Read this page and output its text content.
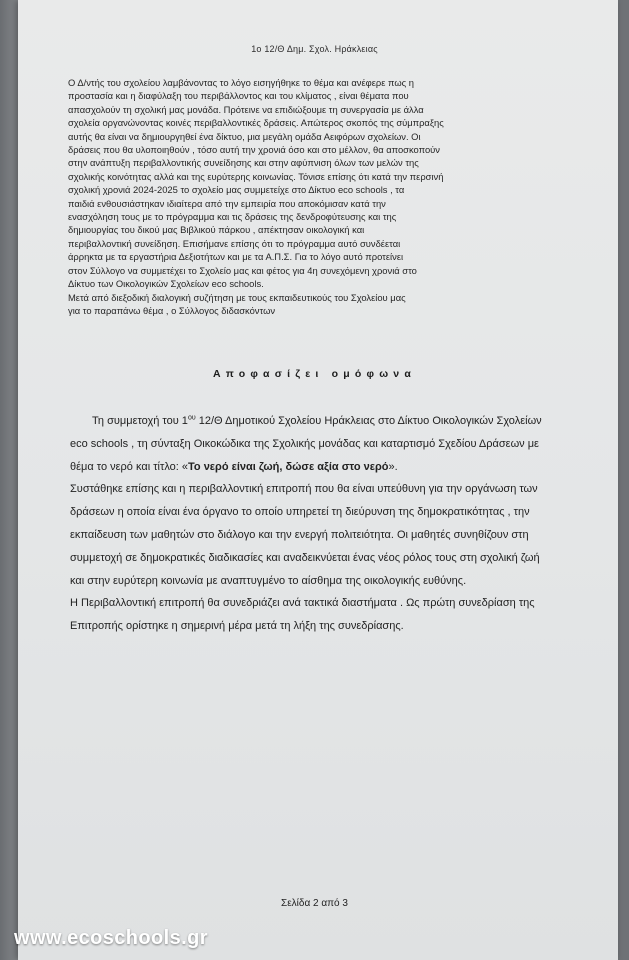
1ο 12/Θ Δημ. Σχολ. Ηράκλειας

Ο Δ/ντής του σχολείου λαμβάνοντας το λόγο εισηγήθηκε το θέμα και ανέφερε πως η

προστασία και η διαφύλαξη του περιβάλλοντος και του κλίματος , είναι θέματα που

απασχολούν τη σχολική μας μονάδα. Πρότεινε να επιδιώξουμε τη συνεργασία με άλλα

σχολεία οργανώνοντας κοινές περιβαλλοντικές δράσεις. Απώτερος σκοπός της σύμπραξης

αυτής θα είναι να δημιουργηθεί ένα δίκτυο, μια μεγάλη ομάδα Αειφόρων σχολείων. Οι

δράσεις που θα υλοποιηθούν , τόσο αυτή την χρονιά όσο και στο μέλλον, θα αποσκοπούν

στην ανάπτυξη περιβαλλοντικής συνείδησης και στην αφύπνιση όλων των μελών της

σχολικής κοινότητας αλλά και της ευρύτερης κοινωνίας. Τόνισε επίσης ότι κατά την περσινή

σχολική χρονιά 2024-2025 το σχολείο μας συμμετείχε στο Δίκτυο eco schools , τα

παιδιά ενθουσιάστηκαν ιδιαίτερα από την εμπειρία που αποκόμισαν κατά την

ενασχόληση τους με το πρόγραμμα και τις δράσεις της δενδροφύτευσης και της

δημιουργίας του δικού μας Βιβλικού πάρκου , απέκτησαν οικολογική και

περιβαλλοντική συνείδηση. Επισήμανε επίσης ότι το πρόγραμμα αυτό συνδέεται

άρρηκτα με τα εργαστήρια Δεξιοτήτων και με τα Α.Π.Σ. Για το λόγο αυτό προτείνει

στον Σύλλογο να συμμετέχει το Σχολείο μας και φέτος για 4η συνεχόμενη χρονιά στο

Δίκτυο των Οικολογικών Σχολείων eco schools.

Μετά από διεξοδική διαλογική συζήτηση με τους εκπαιδευτικούς του Σχολείου μας

για το παραπάνω θέμα , ο Σύλλογος διδασκόντων

Αποφασίζει ομόφωνα

Τη συμμετοχή του $1^{o\upsilon}$ 12/Θ Δημοτικού Σχολείου Ηράκλειας στο Δίκτυο Οικολογικών Σχολείων eco schools , τη σύνταξη Οικοκώδικα της Σχολικής μονάδας και καταρτισμό Σχεδίου Δράσεων με θέμα το νερό και τίτλο: «Το νερό είναι ζωή, δώσε αξία στο νερό».

Συστάθηκε επίσης και η περιβαλλοντική επιτροπή που θα είναι υπεύθυνη για την οργάνωση των δράσεων η οποία είναι ένα όργανο το οποίο υπηρετεί τη διεύρυνση της δημοκρατικότητας , την εκπαίδευση των μαθητών στο διάλογο και την ενεργή πολιτειότητα. Οι μαθητές συνηθίζουν στη συμμετοχή σε δημοκρατικές διαδικασίες και αναδεικνύεται ένας νέος ρόλος τους στη σχολική ζωή και στην ευρύτερη κοινωνία με αναπτυγμένο το αίσθημα της οικολογικής ευθύνης.

Η Περιβαλλοντική επιτροπή θα συνεδριάζει ανά τακτικά διαστήματα . Ως πρώτη συνεδρίαση της Επιτροπής ορίστηκε η σημερινή μέρα μετά τη λήξη της συνεδρίασης.

Σελίδα 2 από 3
www.ecoschools.gr
